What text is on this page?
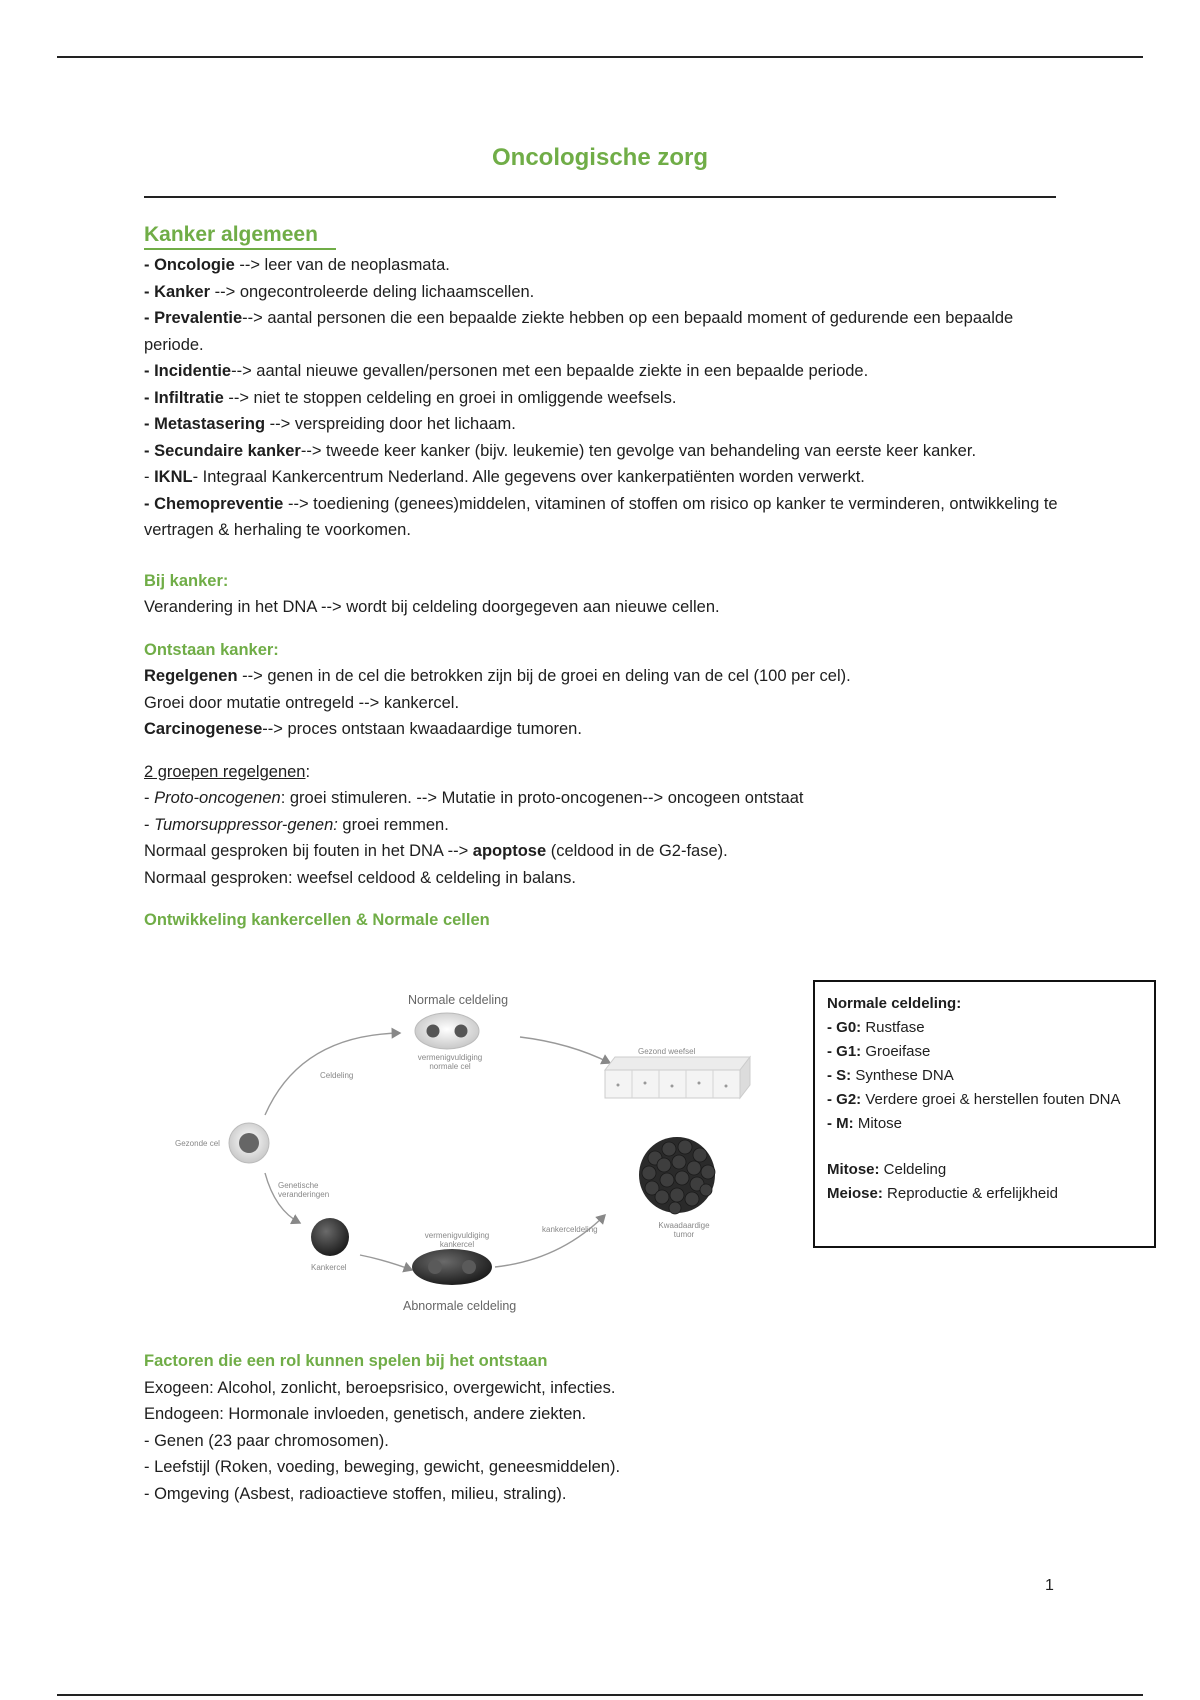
Oncologische zorg
Kanker algemeen

- Oncologie --> leer van de neoplasmata.

- Kanker --> ongecontroleerde deling lichaamscellen.

- Prevalentie--> aantal personen die een bepaalde ziekte hebben op een bepaald moment of gedurende een bepaalde periode.

- Incidentie--> aantal nieuwe gevallen/personen met een bepaalde ziekte in een bepaalde periode.

- Infiltratie --> niet te stoppen celdeling en groei in omliggende weefsels.

- Metastasering --> verspreiding door het lichaam.

- Secundaire kanker--> tweede keer kanker (bijv. leukemie) ten gevolge van behandeling van eerste keer kanker.

- IKNL- Integraal Kankercentrum Nederland. Alle gegevens over kankerpatiënten worden verwerkt.

- Chemopreventie --> toediening (genees)middelen, vitaminen of stoffen om risico op kanker te verminderen, ontwikkeling te vertragen & herhaling te voorkomen.

Bij kanker:

Verandering in het DNA --> wordt bij celdeling doorgegeven aan nieuwe cellen.

Ontstaan kanker:

Regelgenen --> genen in de cel die betrokken zijn bij de groei en deling van de cel (100 per cel).

Groei door mutatie ontregeld --> kankercel.

Carcinogenese--> proces ontstaan kwaadaardige tumoren.

2 groepen regelgenen:

- Proto-oncogenen: groei stimuleren. --> Mutatie in proto-oncogenen--> oncogeen ontstaat

- Tumorsuppressor-genen: groei remmen.

Normaal gesproken bij fouten in het DNA --> apoptose (celdood in de G2-fase).

Normaal gesproken: weefsel celdood & celdeling in balans.

Ontwikkeling kankercellen & Normale cellen
Normale celdeling
vermenigvuldiging normale cel
Gezond weefsel
Celdeling
Gezonde cel
Genetische veranderingen
Kankercel
vermenigvuldiging kankercel
kankerceldeling	Kwaadaardige tumor
Abnormale celdeling
Normale celdeling:
- G0: Rustfase
- G1: Groeifase
- S: Synthese DNA
- G2: Verdere groei & herstellen fouten DNA
- M: Mitose
Mitose: Celdeling
Meiose: Reproductie & erfelijkheid
Factoren die een rol kunnen spelen bij het ontstaan

Exogeen: Alcohol, zonlicht, beroepsrisico, overgewicht, infecties.

Endogeen: Hormonale invloeden, genetisch, andere ziekten.

- Genen (23 paar chromosomen).

- Leefstijl (Roken, voeding, beweging, gewicht, geneesmiddelen).

- Omgeving (Asbest, radioactieve stoffen, milieu, straling).

1
